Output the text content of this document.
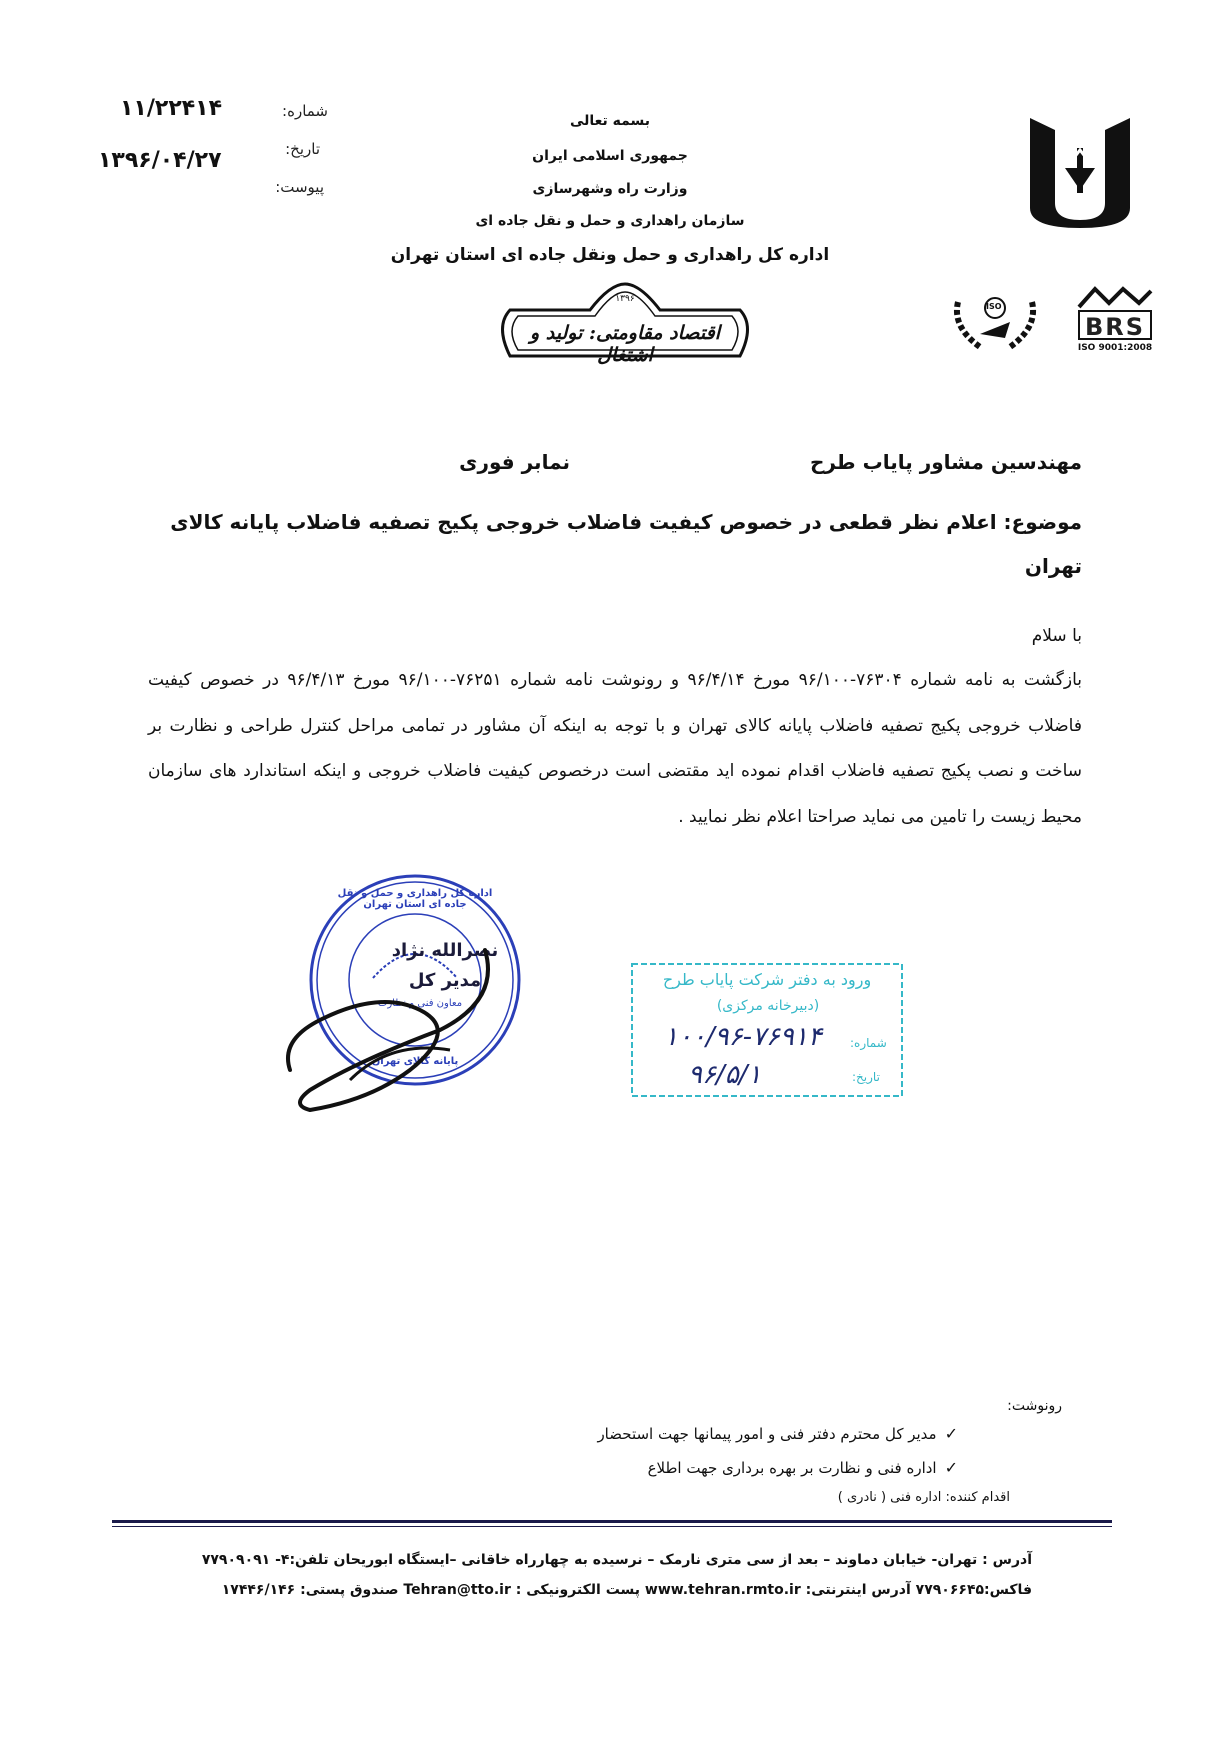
شماره:
۱۱/۲۲۴۱۴
تاریخ:
۱۳۹۶/۰۴/۲۷
پیوست:
بسمه تعالی
جمهوری اسلامی ایران
وزارت راه وشهرسازی
سازمان راهداری و حمل و نقل جاده ای
اداره کل راهداری و حمل ونقل جاده ای استان تهران
BRS
ISO 9001:2008
ISO
۱۳۹۶
اقتصاد مقاومتی: تولید و اشتغال
مهندسین مشاور پایاب طرح
نمابر فوری
موضوع: اعلام نظر قطعی در خصوص کیفیت فاضلاب خروجی پکیج تصفیه فاضلاب پایانه کالای تهران
با سلام
بازگشت به نامه شماره ۷۶۳۰۴-۹۶/۱۰۰ مورخ ۹۶/۴/۱۴ و رونوشت نامه شماره ۷۶۲۵۱-۹۶/۱۰۰ مورخ ۹۶/۴/۱۳ در خصوص کیفیت فاضلاب خروجی پکیج تصفیه فاضلاب پایانه کالای تهران و با توجه به اینکه آن مشاور در تمامی مراحل کنترل طراحی و نظارت بر ساخت و نصب پکیج تصفیه فاضلاب اقدام نموده اید مقتضی است درخصوص کیفیت فاضلاب خروجی و اینکه استاندارد های سازمان محیط زیست را تامین می نماید صراحتا اعلام نظر نمایید .
اداره کل راهداری و حمل و نقل جاده ای استان تهران
پایانه کالای تهران
نصرالله نژاد
مدیر کل
معاون فنی و نظارت
ورود به دفتر شرکت پایاب طرح
(دبیرخانه مرکزی)
شماره:
۱۰۰/۹۶-۷۶۹۱۴
تاریخ:
۹۶/۵/۱
رونوشت:
✓
مدیر کل محترم دفتر فنی و امور پیمانها جهت استحضار
✓
اداره فنی و نظارت بر بهره برداری جهت اطلاع
اقدام کننده: اداره فنی ( نادری )
آدرس : تهران- خیابان دماوند – بعد از سی متری نارمک – نرسیده به چهارراه خاقانی –ایستگاه ابوریحان تلفن:۴- ۷۷۹۰۹۰۹۱
فاکس:۷۷۹۰۶۶۴۵ آدرس اینترنتی: www.tehran.rmto.ir پست الکترونیکی : Tehran@tto.ir صندوق پستی: ۱۷۴۴۶/۱۴۶
